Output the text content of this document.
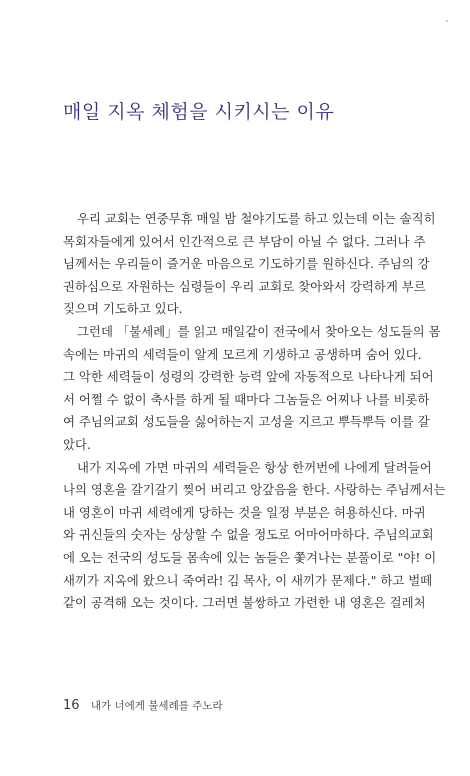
매일 지옥 체험을 시키시는 이유
우리 교회는 연중무휴 매일 밤 철야기도를 하고 있는데 이는 솔직히
목회자들에게 있어서 인간적으로 큰 부담이 아닐 수 없다. 그러나 주
님께서는 우리들이 즐거운 마음으로 기도하기를 원하신다. 주님의 강
권하심으로 자원하는 심령들이 우리 교회로 찾아와서 강력하게 부르
짖으며 기도하고 있다.
그런데 「불세례」를 읽고 매일같이 전국에서 찾아오는 성도들의 몸
속에는 마귀의 세력들이 알게 모르게 기생하고 공생하며 숨어 있다.
그 악한 세력들이 성령의 강력한 능력 앞에 자동적으로 나타나게 되어
서 어쩔 수 없이 축사를 하게 될 때마다 그놈들은 어찌나 나를 비롯하
여 주님의교회 성도들을 싫어하는지 고성을 지르고 뿌득뿌득 이를 갈
았다.
내가 지옥에 가면 마귀의 세력들은 항상 한꺼번에 나에게 달려들어
나의 영혼을 갈기갈기 찢어 버리고 앙갚음을 한다. 사랑하는 주님께서는
내 영혼이 마귀 세력에게 당하는 것을 일정 부분은 허용하신다. 마귀
와 귀신들의 숫자는 상상할 수 없을 정도로 어마어마하다. 주님의교회
에 오는 전국의 성도들 몸속에 있는 놈들은 쫓겨나는 분풀이로 "야! 이
새끼가 지옥에 왔으니 죽여라! 김 목사, 이 새끼가 문제다." 하고 벌떼
같이 공격해 오는 것이다. 그러면 불쌍하고 가련한 내 영혼은 걸레처
16 내가 너에게 불세례를 주노라
